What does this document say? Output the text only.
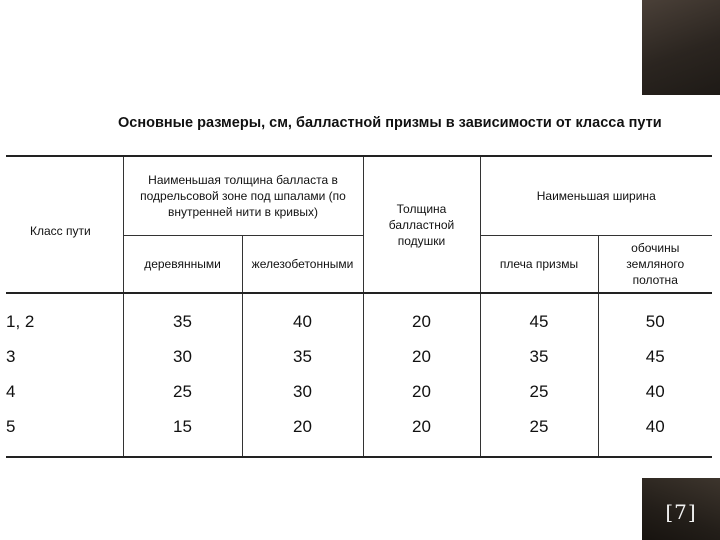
[7]
Основные размеры, см, балластной призмы в зависимости от класса пути
Класс пути	Наименьшая толщина балласта в подрельсовой зоне под шпалами (по внутренней нити в кривых)		Толщина балластной подушки	Наименьшая ширина	
	деревянными	железобетонными		плеча призмы	обочины земляного полотна
1, 2	35	40	20	45	50
3	30	35	20	35	45
4	25	30	20	25	40
5	15	20	20	25	40
